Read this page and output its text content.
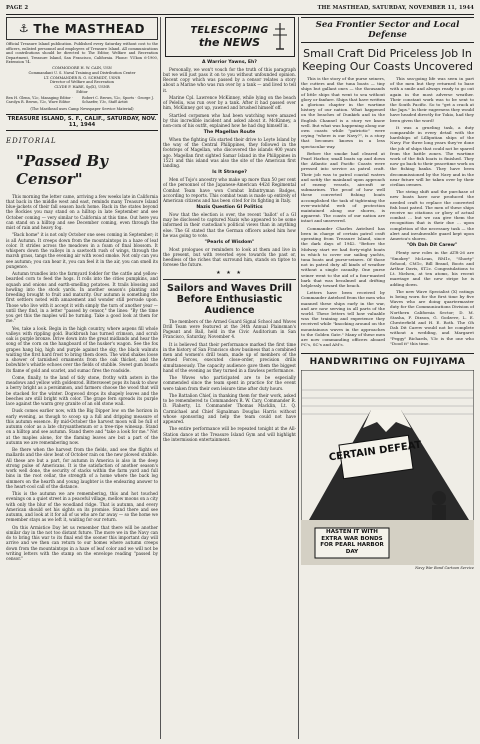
PAGE 2	THE MASTHEAD, SATURDAY, NOVEMBER 11, 1944
⚓ The MASTHEAD

Official Treasure Island publication. Published every Saturday without cost to the officers, enlisted personnel and employees of Treasure Island. All communications and contributions should be directed to The Editor, Welfare and Recreation Department, Treasure Island, San Francisco, California. Phone: YUkon 6-1900, Extension 74.

COMMODORE H. W. CAIN, USN
Commandant U. S. Naval Training and Distribution Center
LT. COMMANDER R. G. SCHMIDT, USNR
Director of Welfare and Recreation
CLYDE F. HARE, Sp(X), USNR
Editor
Ben H. Glenn, Y2c, Managing Editor · Carolyn R. Brown, Y2c, Wave Editor
Robert C. Brown, Y2c, Sports · George J. Schaefer, Y3c, Staff Artist

(The Masthead uses Camp Newspaper Service Material)

TREASURE ISLAND, S. F., CALIF., SATURDAY, NOV. 11, 1944
EDITORIAL
"Passed By Censor"

This morning the letter came, arriving a few weeks late in California that back in the middle west and east, reminds many Treasure Island blue-jackets of their fall season back home. Back in the states beyond the Rockies you may stand on a hilltop in late September and see October coming — very similar to California at this time. Out here you can stand on a hilltop and see December coming, even through the mist of rain and heavy fog.

"Back home" it is not only October one sees coming in September; it is all Autumn. It creeps down from the mountaintops in a haze of leaf color. It strides across the meadows in a foam of final blossom. It whispers down the valleys in a sawtooth rush of wings, through the marsh grass, tangs the evening air with wood smoke. Not only can you see autumn; you can hear it, you can feel it in the air, you can smell its pungence.

Autumn trundles into the farmyard fodder for the cattle and yellow-bearded corn to feed the hogs. It rolls into the cities pumpkins, and squash and onions and earth-smelling potatoes. It trails blossing and howling into the stock yards. In another season's planting and breeding brought to fruit and maturity. Our autumn is something the first settlers noted with amazement and wonder still pervade upon. Those who live with it accept it with simply the turn of another year — until they find, in a letter "passed by censor," the lines: "By the time you get this the maples will be turning. Take a good look at them for me."

Yes, take a look. Begin in the high country, where aspens fill whole valleys with rippling gold. Buckbrush has turned crimson, and scrub oak is purple bronze. Drive down into the great midlands and hear the song of the corn on the hangboard of the husker's wagon. See the fox grapes hang big, high and purple against the sky, the black walnuts waiting the first hard frost to bring them down. The wind shakes loose a shower of tarnished ornaments from the oak thicket, and the bobwhite's whistle echoes over the fields of stubble. Sweet gum boasts its flame of gold and scarlet, and sumac fires the roadside.

Come, finally, to the land of tidy stone, frothy with asters in the meadows and yellow with goldenrod. Bittersweet pops its husk to show a berry bright as a persimmon, and farmers choose the wood that will be stacked for the winter. Dogwood drops its shapely leaves and the beeches are still bright with color. The grape fern spreads its purple lace against the warm grey granite of an old stone wall.

Dusk comes earlier now, with the Big Dipper low on the horizon in early evening, as though to scoop up a full and dripping measure of this autumn essence. By mid-October the harvest moon will be full of autumn color as a late chrysanthemum or a tree-ripe winesap. Stand on a hilltop and see autumn. Stand there and "take a look for me." Not at the maples alone, for the flaming leaves are but a part of the autumn we are remembering now.

Be there when the harvest from the fields, and see the flights of mallards and the slow beat of October rain on the new plowed stubble. All these are but a part, for autumn in America is also in the deep strong pulse of Americans. It is the satisfaction of another season's work well done, the security of stacks within the farm yard and full bins in the root cellar, the strength of a home where the back log simmers on the hearth and young laughter is the endearing answer to the heart-cool call of the distance.

This is the autumn we are remembering, this and hot touched evenings on a quiet street in a peaceful village, mellow moons on a city with only the blur of the woodland ridge. That is autumn, and every American should set his sights on its promise. Stand there and see autumn, and look at it for all of us who are far away — so the home we remember stays as we left it, waiting for our return.

On this Armistice Day let us remember that there will be another similar day in the not too distant future. The more we in the Navy can do to bring this war to its final end the sooner this important day will arrive and we then can return to our homes where autumn creeps down from the mountaintops in a haze of leaf color and we will not be writing letters with the stamp on the envelope reading "passed by censor."

TELESCOPING
the NEWS
A Warrior Yawns, Eh?

Personally, we won't vouch for the truth of this paragraph but we will just pass it on to you without unfounded opinion. Recent copy which was passed by a censor relates a story about a Marine who was run over by a tank — and lived to tell it.

Marine Cpl. Lawrence McKinney, while lying on the beach of Peleliu, was run over by a tank. After it had passed over him, McKinney got up, yawned and brushed himself off.

Startled corpsmen who had been watching were amazed by this incredible incident and asked about it. McKinney, a non-com of his outfit, explained how he had dug himself in.

The Magellan Route

When the fighting GIs started their drive to Leyte Island by the way of the Central Philippines, they followed in the footsteps of Magellan, who discovered the islands 400 years ago. Magellan first sighted Samar Island in the Philippines in 1521 and this island was also the site of the American first landing.

Is It Strange?

Men of Tojo's ancestry who make up more than 50 per cent of the personnel of the Japanese-American 442d Regimental Combat Team have won Combat Infantryman Badges, according to reports. This combat team is made up entirely of American citizens and has been cited for its fighting in Italy.

Nazis Question GI Politics

Now that the election is over, the recent 'ballot' of a GI may be disclosed to captured Nazis who appeared to be some informed in their custodian's political views than in anything else. The GI stated that the German officers asked him how he was going to vote.

"Pearls of Wisdom"

Most prologues or reminders to look at them and live in the present, but with reverted eyes towards the past or, heedless of the riches that surround him, stands on tiptoe to foresee the future.

★ ★ ★
Sailors and Waves Drill Before Enthusiastic Audience

The members of the Armed Guard Signal School and Waves Drill Team were featured at the 34th Annual Plainsman's Pageant and Ball, held in the Civic Auditorium in San Francisco, Saturday, November 4.

It is believed that their performance marked the first time in the history of San Francisco show business that a combined men and women's drill team, made up of members of the Armed Forces, executed close-order, precision drills simultaneously. The capacity audience gave them the biggest hand of the evening as they turned in a flawless performance.

The Waves who participated are to be especially commended since the team spent in practice for the event were taken from their own leisure time after duty hours.

The Battalion Chief, in thanking them for their work, asked to be remembered to Commanders R. W. Cary, Commander R. D. Flaherty, Lt. Commander Thomas Macklin, Lt. Q. Carmichael and Chief Signalman Douglas Harris without whose sponsoring and help the team could not have appeared.

The entire performance will be repeated tonight at the All-Station dance at the Treasure Island Gym and will highlight the intermission entertainment.

Sea Frontier Sector and Local Defense
Small Craft Did Priceless Job In Keeping Our Coasts Uncovered

This is the story of the purse seiners, the cutters and the tuna boats — tiny ships but gallant ones — the thousands of little ships that went to sea without glory or fanfare. Ships that have written a glorious chapter in the wartime history of our nation. What happened on the beaches of Dunkirk and in the English Channel is a story we know well. But what was happening along our own coasts while "patriotic" were crying "where is our Navy?", is a story that becomes known in a less spectacular way.

Before the smoke had cleared at Pearl Harbor, small boats up and down the Atlantic and Pacific Coasts were pressed into service as patrol craft. Their job was to patrol coastal waters and notify the mainland upon approach of enemy vessels, aircraft or submarines. The proof of how well these converted fishing boats accomplished the task of tightening the ever-watchful web of protection maintained along our shores, is apparent. The coasts of our nation are intact and unsevered.

Commander Charles Axtelsed has been in charge of certain patrol craft operating from Treasure Island, since the dark days of 1942. "Before the Midway start we had forty-eight boats in which to cover our sailing yachts, tuna boats and purse-seiners. Of those not in patrol duty all kinds of weather without a single casualty. One purse seiner went to the aid of a four-masted bark that was becalmed and drifting helplessly toward the beach.

Letters have been received by Commander Axtelsed from the men who manned these ships early in the war, and are now serving in all parts of the world. These letters tell how valuable was the training and experience they received while "knocking around on the mountainous waves in the approaches to the Golden Gate." Many of these men are now commanding officers aboard PC's, SC's and AM's.

This sea-going life was seen in part of the men but they returned to base with a smile and always ready to go out again in the most adverse weather. Their constant work was to be sent to the South Pacific. So to "get a crack at the Japs." In their eagerness they would have headed directly for Tokio, had they been given the word!

It was a grueling task, a duty comparable in every detail with the hardships of Lilliputian ships of the Navy. For three long years they've done the job of ships that could not be spared from the battle zones. The wartime work of the fish boats is finished. They now go back to their peacetime work on the fishing banks. They have been decommissioned by the Navy and in the near future will be taken over by their civilian owners.

The string shift and the purchase of new boats have now produced the needed craft to replace the converted fish boat patrol. The men of these ships receive no citations or glory of actual combat … but we can give them the recognition that is their due … upon completion of the necessary task — the alert and invulnerable guard kept upon America's shores.

"Oh Dah Dit Carew"

Plenty new roles in the ATR-26 are "Smokey" McLean, RM1c, "Shorty" Sehood, CM1c, Bill Brand, Boots and Arthur Davis, ST2c. Congratulations to Lt. Nielsen, at ten atoms, his recent marriage and the new stripe he is adding down.

The new Wave Specialist (X) ratings is being worn for the first time by five Waves who are doing quartermaster duty for the Communications Division of Northern California Sector; D. M. Stasha, F. Dixson, G. Godzeve, L. E. Chesterfield and H. E. Roth. The Oh Dah Dit Carew would not be complete without a wedding, and Margaret "Peggy" Richards, Y3c is the one who "Dood it" this time.

HANDWRITING ON FUJIYAMA
CERTAIN DEFEAT
HASTEN IT WITH EXTRA WAR BONDS FOR PEARL HARBOR DAY
Navy War Bond Cartoon Service
